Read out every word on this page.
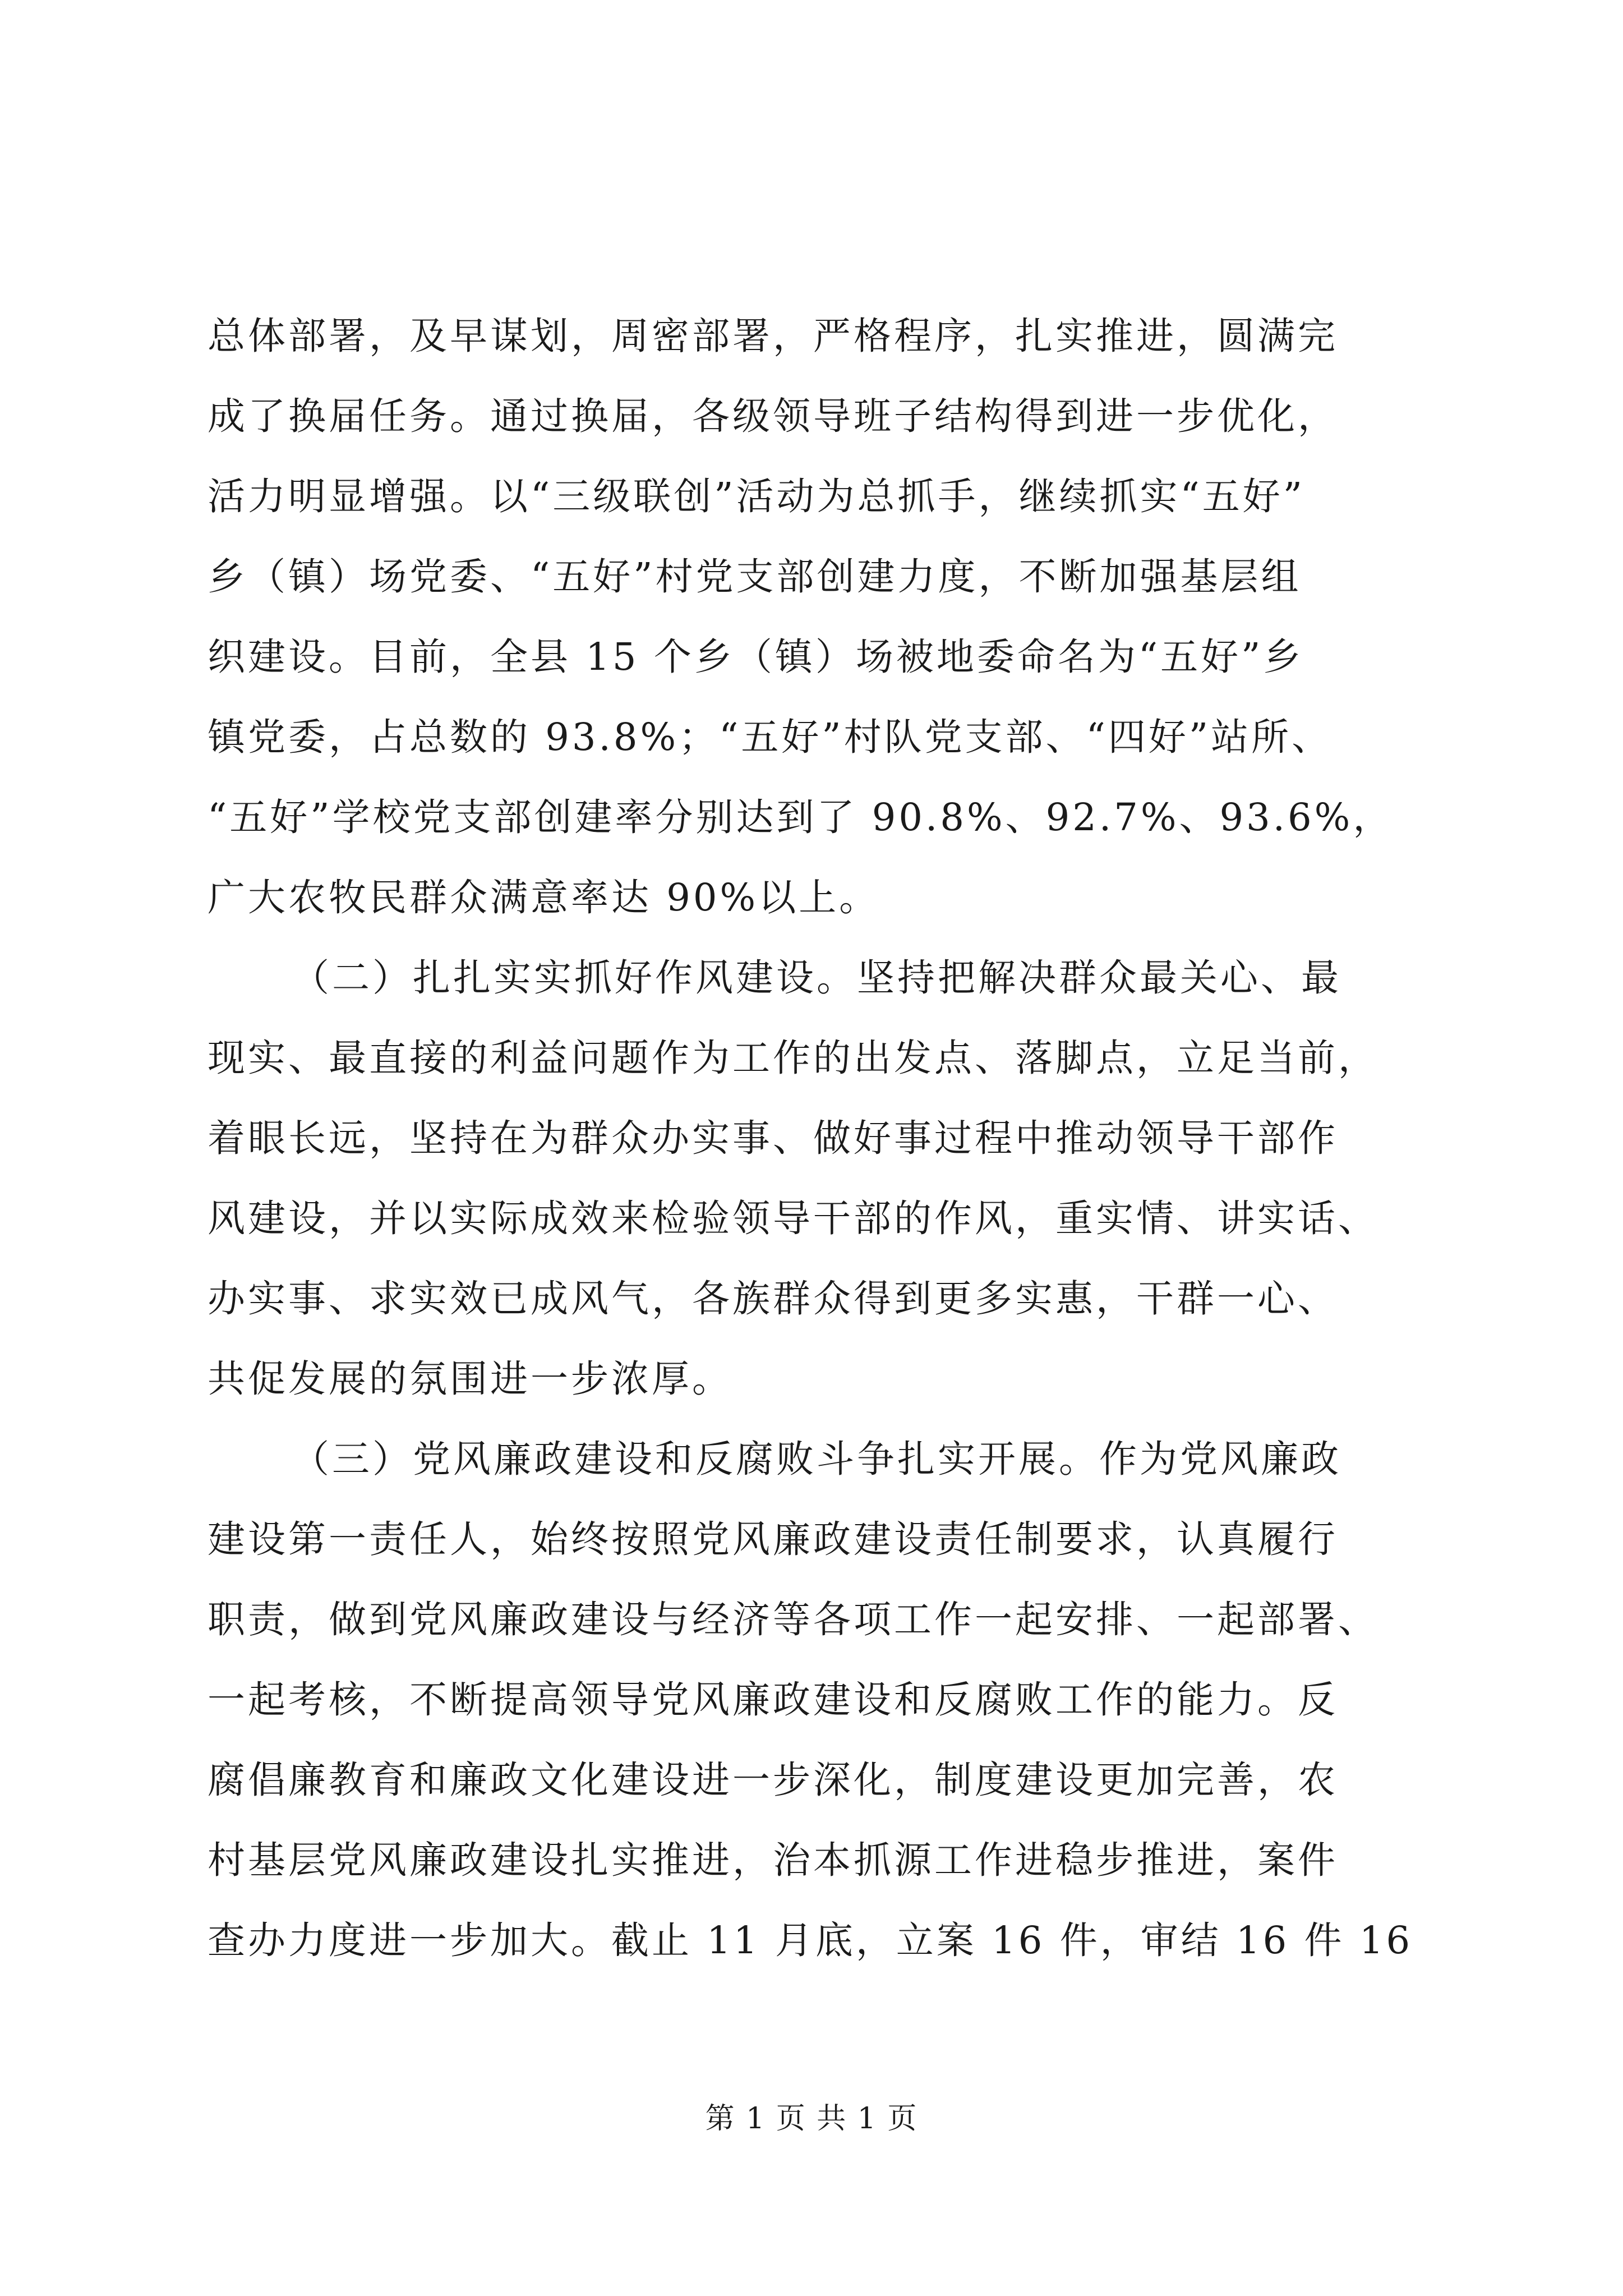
总体部署，及早谋划，周密部署，严格程序，扎实推进，圆满完
成了换届任务。通过换届，各级领导班子结构得到进一步优化，
活力明显增强。以“三级联创”活动为总抓手，继续抓实“五好”
乡（镇）场党委、“五好”村党支部创建力度，不断加强基层组
织建设。目前，全县 15 个乡（镇）场被地委命名为“五好”乡
镇党委，占总数的 93.8%；“五好”村队党支部、“四好”站所、
“五好”学校党支部创建率分别达到了 90.8%、92.7%、93.6%，
广大农牧民群众满意率达 90%以上。
（二）扎扎实实抓好作风建设。坚持把解决群众最关心、最
现实、最直接的利益问题作为工作的出发点、落脚点，立足当前，
着眼长远，坚持在为群众办实事、做好事过程中推动领导干部作
风建设，并以实际成效来检验领导干部的作风，重实情、讲实话、
办实事、求实效已成风气，各族群众得到更多实惠，干群一心、
共促发展的氛围进一步浓厚。
（三）党风廉政建设和反腐败斗争扎实开展。作为党风廉政
建设第一责任人，始终按照党风廉政建设责任制要求，认真履行
职责，做到党风廉政建设与经济等各项工作一起安排、一起部署、
一起考核，不断提高领导党风廉政建设和反腐败工作的能力。反
腐倡廉教育和廉政文化建设进一步深化，制度建设更加完善，农
村基层党风廉政建设扎实推进，治本抓源工作进稳步推进，案件
查办力度进一步加大。截止 11 月底，立案 16 件，审结 16 件 16
第 1 页 共 1 页
